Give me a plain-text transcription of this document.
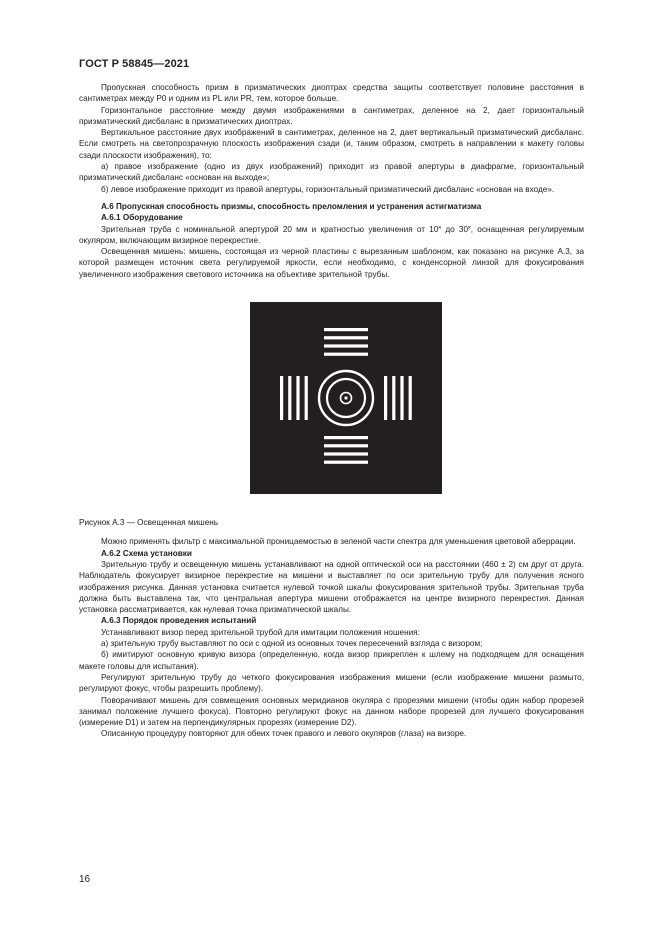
ГОСТ Р 58845—2021

Пропускная способность призм в призматических диоптрах средства защиты соответствует половине расстояния в сантиметрах между P0 и одним из PL или PR, тем, которое больше.

Горизонтальное расстояние между двумя изображениями в сантиметрах, деленное на 2, дает горизонтальный призматический дисбаланс в призматических диоптрах.

Вертикальное расстояние двух изображений в сантиметрах, деленное на 2, дает вертикальный призматический дисбаланс. Если смотреть на светопрозрачную плоскость изображения сзади (и, таким образом, смотреть в направлении к макету головы сзади плоскости изображения), то:

а) правое изображение (одно из двух изображений) приходит из правой апертуры в диафрагме, горизонтальный призматический дисбаланс «основан на выходе»;

б) левое изображение приходит из правой апертуры, горизонтальный призматический дисбаланс «основан на входе».

А.6 Пропускная способность призмы, способность преломления и устранения астигматизма

А.6.1 Оборудование

Зрительная труба с номинальной апертурой 20 мм и кратностью увеличения от 10˟ до 30˟, оснащенная регулируемым окуляром, включающим визирное перекрестие.

Освещенная мишень: мишень, состоящая из черной пластины с вырезанным шаблоном, как показано на рисунке А.3, за которой размещен источник света регулируемой яркости, если необходимо, с конденсорной линзой для фокусирования увеличенного изображения светового источника на объективе зрительной трубы.

Рисунок А.3 — Освещенная мишень

Можно применять фильтр с максимальной проницаемостью в зеленой части спектра для уменьшения цветовой аберрации.

А.6.2 Схема установки

Зрительную трубу и освещенную мишень устанавливают на одной оптической оси на расстоянии (460 ± 2) см друг от друга. Наблюдатель фокусирует визирное перекрестие на мишени и выставляет по оси зрительную трубу для получения ясного изображения рисунка. Данная установка считается нулевой точкой шкалы фокусирования зрительной трубы. Зрительная труба должна быть выставлена так, что центральная апертура мишени отображается на центре визирного перекрестия. Данная установка рассматривается, как нулевая точка призматической шкалы.

А.6.3 Порядок проведения испытаний

Устанавливают визор перед зрительной трубой для имитации положения ношения:

а) зрительную трубу выставляют по оси с одной из основных точек пересечений взгляда с визором;

б) имитируют основную кривую визора (определенную, когда визор прикреплен к шлему на подходящем для оснащения макете головы для испытания).

Регулируют зрительную трубу до четкого фокусирования изображения мишени (если изображение мишени размыто, регулируют фокус, чтобы разрешить проблему).

Поворачивают мишень для совмещения основных меридианов окуляра с прорезями мишени (чтобы один набор прорезей занимал положение лучшего фокуса). Повторно регулируют фокус на данном наборе прорезей для лучшего фокусирования (измерение D1) и затем на перпендикулярных прорезях (измерение D2).

Описанную процедуру повторяют для обеих точек правого и левого окуляров (глаза) на визоре.

16
